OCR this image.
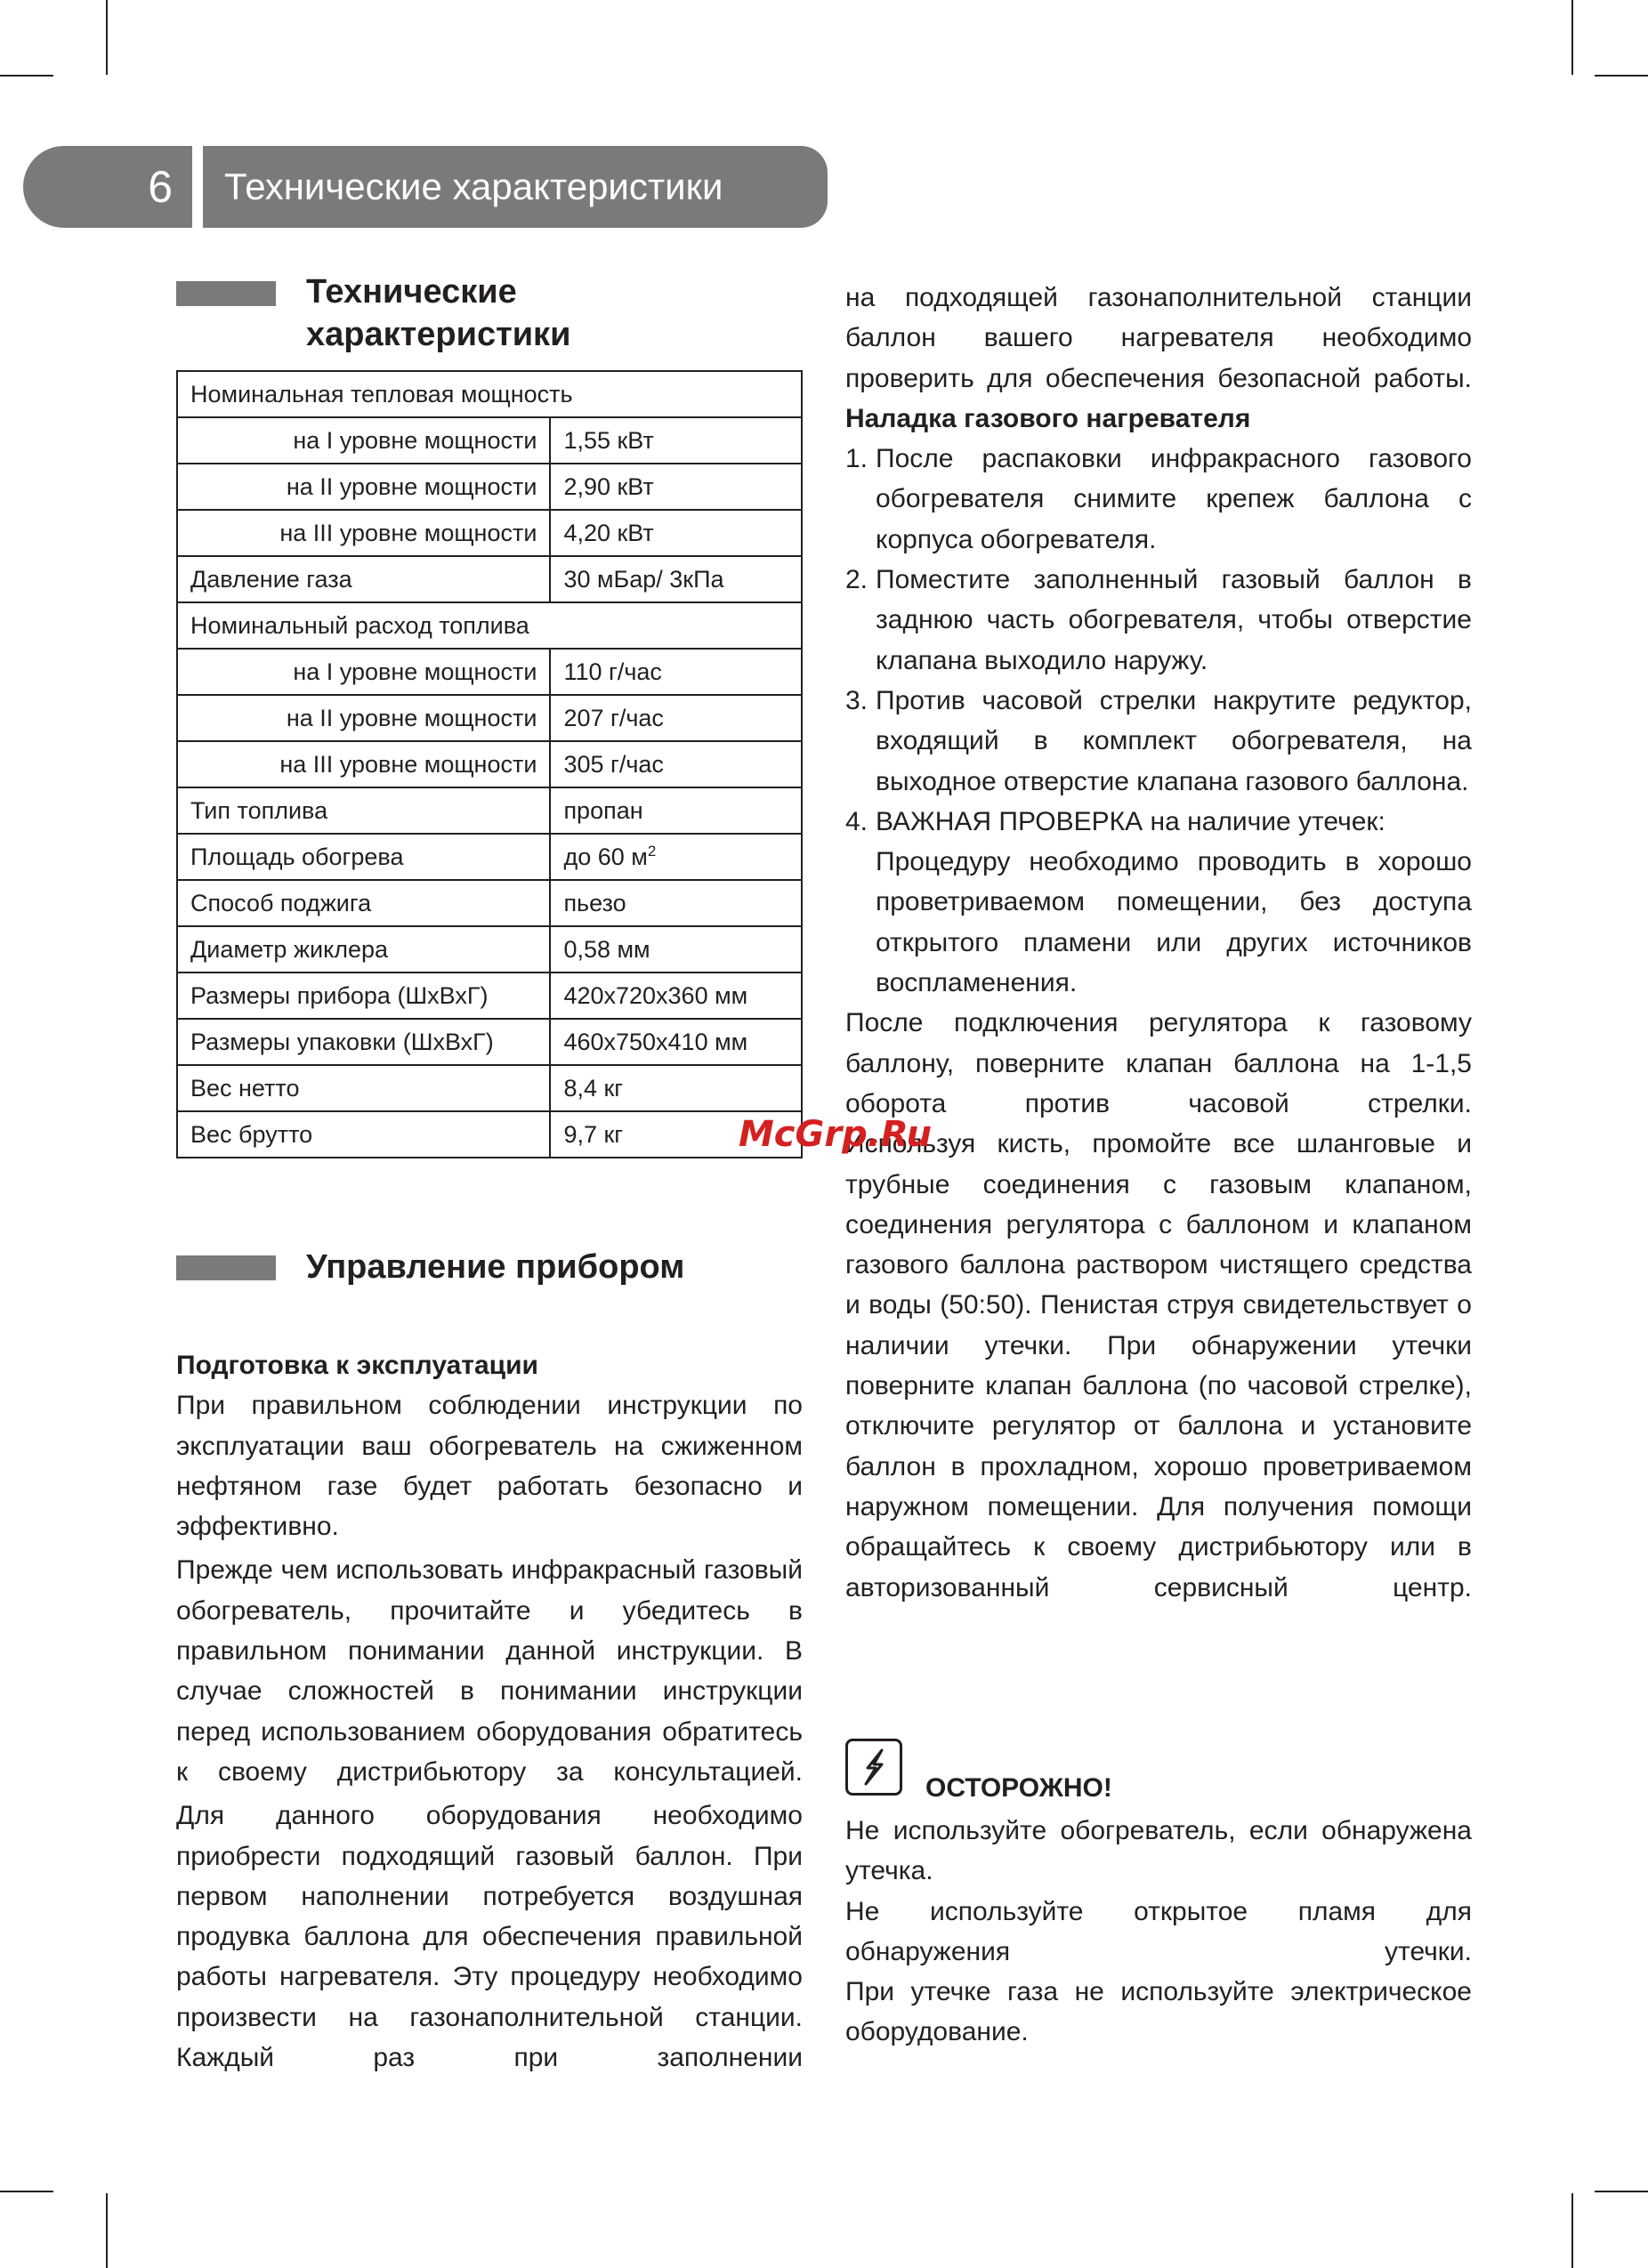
6	Технические характеристики
Технические
характеристики
Номинальная тепловая мощность	
на I уровне мощности	1,55 кВт
на II уровне мощности	2,90 кВт
на III уровне мощности	4,20 кВт
Давление газа	30 мБар/ 3кПа
Номинальный расход топлива	
на I уровне мощности	110 г/час
на II уровне мощности	207 г/час
на III уровне мощности	305 г/час
Тип топлива	пропан
Площадь обогрева	до 60 $м^2$
Способ поджига	пьезо
Диаметр жиклера	0,58 мм
Размеры прибора (ШхВхГ)	420х720х360 мм
Размеры упаковки (ШхВхГ)	460х750х410 мм
Вес нетто	8,4 кг
Вес брутто	9,7 кг
Управление прибором
Подготовка к эксплуатации

При правильном соблюдении инструкции по эксплуатации ваш обогреватель на сжиженном нефтяном газе будет работать безопасно и эффективно.

Прежде чем использовать инфракрасный газовый обогреватель, прочитайте и убедитесь в правильном понимании данной инструкции. В случае сложностей в понимании инструкции перед использованием оборудования обратитесь к своему дистрибьютору за консультацией.

Для данного оборудования необходимо приобрести подходящий газовый баллон. При первом наполнении потребуется воздушная продувка баллона для обеспечения правильной работы нагревателя. Эту процедуру необходимо произвести на газонаполнительной станции. Каждый раз при заполнении

на подходящей газонаполнительной станции баллон вашего нагревателя необходимо проверить для обеспечения безопасной работы.

Наладка газового нагревателя
1. После распаковки инфракрасного газового обогревателя снимите крепеж баллона с корпуса обогревателя.

2. Поместите заполненный газовый баллон в заднюю часть обогревателя, чтобы отверстие клапана выходило наружу.

3. Против часовой стрелки накрутите редуктор, входящий в комплект обогревателя, на выходное отверстие клапана газового баллона.

4. ВАЖНАЯ ПРОВЕРКА на наличие утечек:

Процедуру необходимо проводить в хорошо проветриваемом помещении, без доступа открытого пламени или других источников воспламенения.

После подключения регулятора к газовому баллону, поверните клапан баллона на 1-1,5 оборота против часовой стрелки.

Используя кисть, промойте все шланговые и трубные соединения с газовым клапаном, соединения регулятора с баллоном и клапаном газового баллона раствором чистящего средства и воды (50:50). Пенистая струя свидетельствует о наличии утечки. При обнаружении утечки поверните клапан баллона (по часовой стрелке), отключите регулятор от баллона и установите баллон в прохладном, хорошо проветриваемом наружном помещении. Для получения помощи обращайтесь к своему дистрибьютору или в авторизованный сервисный центр.

ОСТОРОЖНО!

Не используйте обогреватель, если обнаружена утечка.

Не используйте открытое пламя для обнаружения утечки.

При утечке газа не используйте электрическое оборудование.

McGrp.Ru
